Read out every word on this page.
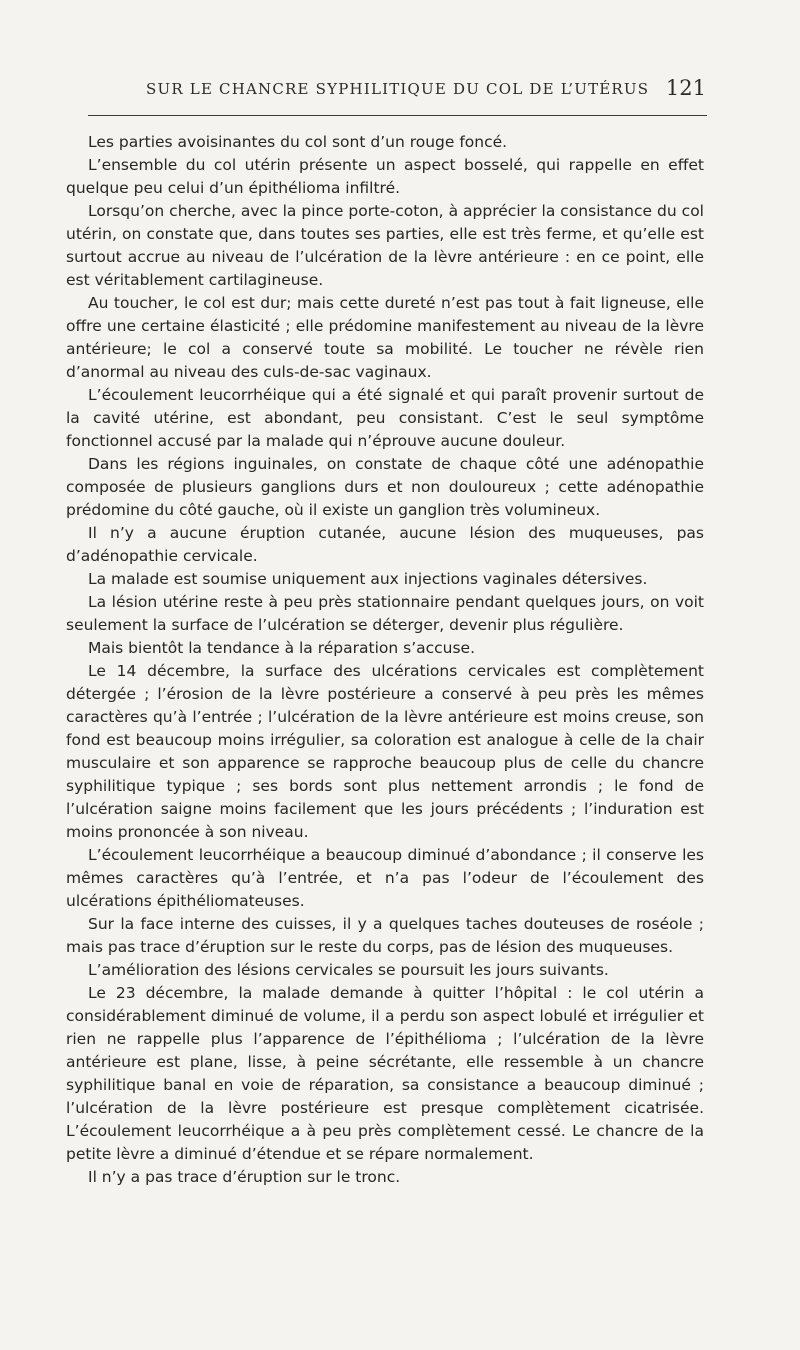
SUR LE CHANCRE SYPHILITIQUE DU COL DE L’UTÉRUS 121

Les parties avoisinantes du col sont d’un rouge foncé.

L’ensemble du col utérin présente un aspect bosselé, qui rappelle en effet quelque peu celui d’un épithélioma infiltré.

Lorsqu’on cherche, avec la pince porte-coton, à apprécier la consistance du col utérin, on constate que, dans toutes ses parties, elle est très ferme, et qu’elle est surtout accrue au niveau de l’ulcération de la lèvre antérieure : en ce point, elle est véritablement cartilagineuse.

Au toucher, le col est dur; mais cette dureté n’est pas tout à fait ligneuse, elle offre une certaine élasticité ; elle prédomine manifestement au niveau de la lèvre antérieure; le col a conservé toute sa mobilité. Le toucher ne révèle rien d’anormal au niveau des culs-de-sac vaginaux.

L’écoulement leucorrhéique qui a été signalé et qui paraît provenir surtout de la cavité utérine, est abondant, peu consistant. C’est le seul symptôme fonctionnel accusé par la malade qui n’éprouve aucune douleur.

Dans les régions inguinales, on constate de chaque côté une adénopathie composée de plusieurs ganglions durs et non douloureux ; cette adénopathie prédomine du côté gauche, où il existe un ganglion très volumineux.

Il n’y a aucune éruption cutanée, aucune lésion des muqueuses, pas d’adénopathie cervicale.

La malade est soumise uniquement aux injections vaginales détersives.

La lésion utérine reste à peu près stationnaire pendant quelques jours, on voit seulement la surface de l’ulcération se déterger, devenir plus régulière.

Mais bientôt la tendance à la réparation s’accuse.

Le 14 décembre, la surface des ulcérations cervicales est complètement détergée ; l’érosion de la lèvre postérieure a conservé à peu près les mêmes caractères qu’à l’entrée ; l’ulcération de la lèvre antérieure est moins creuse, son fond est beaucoup moins irrégulier, sa coloration est analogue à celle de la chair musculaire et son apparence se rapproche beaucoup plus de celle du chancre syphilitique typique ; ses bords sont plus nettement arrondis ; le fond de l’ulcération saigne moins facilement que les jours précédents ; l’induration est moins prononcée à son niveau.

L’écoulement leucorrhéique a beaucoup diminué d’abondance ; il conserve les mêmes caractères qu’à l’entrée, et n’a pas l’odeur de l’écoulement des ulcérations épithéliomateuses.

Sur la face interne des cuisses, il y a quelques taches douteuses de roséole ; mais pas trace d’éruption sur le reste du corps, pas de lésion des muqueuses.

L’amélioration des lésions cervicales se poursuit les jours suivants.

Le 23 décembre, la malade demande à quitter l’hôpital : le col utérin a considérablement diminué de volume, il a perdu son aspect lobulé et irrégulier et rien ne rappelle plus l’apparence de l’épithélioma ; l’ulcération de la lèvre antérieure est plane, lisse, à peine sécrétante, elle ressemble à un chancre syphilitique banal en voie de réparation, sa consistance a beaucoup diminué ; l’ulcération de la lèvre postérieure est presque complètement cicatrisée. L’écoulement leucorrhéique a à peu près complètement cessé. Le chancre de la petite lèvre a diminué d’étendue et se répare normalement.

Il n’y a pas trace d’éruption sur le tronc.
